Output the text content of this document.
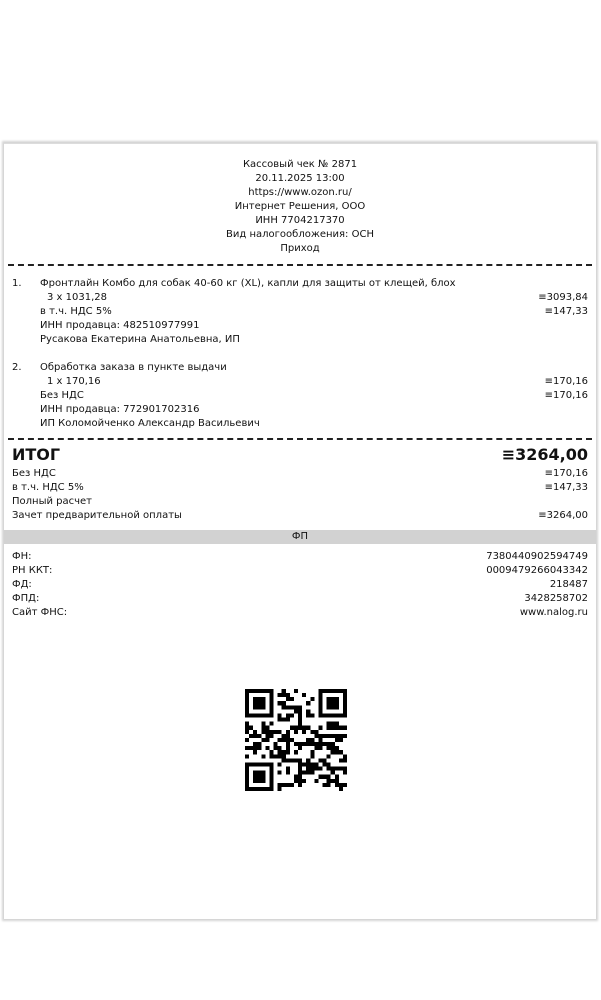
Кассовый чек № 2871
20.11.2025 13:00
https://www.ozon.ru/
Интернет Решения, ООО
ИНН 7704217370
Вид налогообложения: ОСН
Приход
1. Фронтлайн Комбо для собак 40-60 кг (XL), капли для защиты от клещей, блох
3 x 1031,28	≡3093,84
в т.ч. НДС 5%	≡147,33
ИНН продавца: 482510977991
Русакова Екатерина Анатольевна, ИП
2. Обработка заказа в пункте выдачи
1 x 170,16	≡170,16
Без НДС	≡170,16
ИНН продавца: 772901702316
ИП Коломойченко Александр Васильевич
ИТОГ	≡3264,00
Без НДС	≡170,16
в т.ч. НДС 5%	≡147,33
Полный расчет
Зачет предварительной оплаты	≡3264,00
ФП
ФН:	7380440902594749
РН ККТ:	0009479266043342
ФД:	218487
ФПД:	3428258702
Сайт ФНС:	www.nalog.ru
